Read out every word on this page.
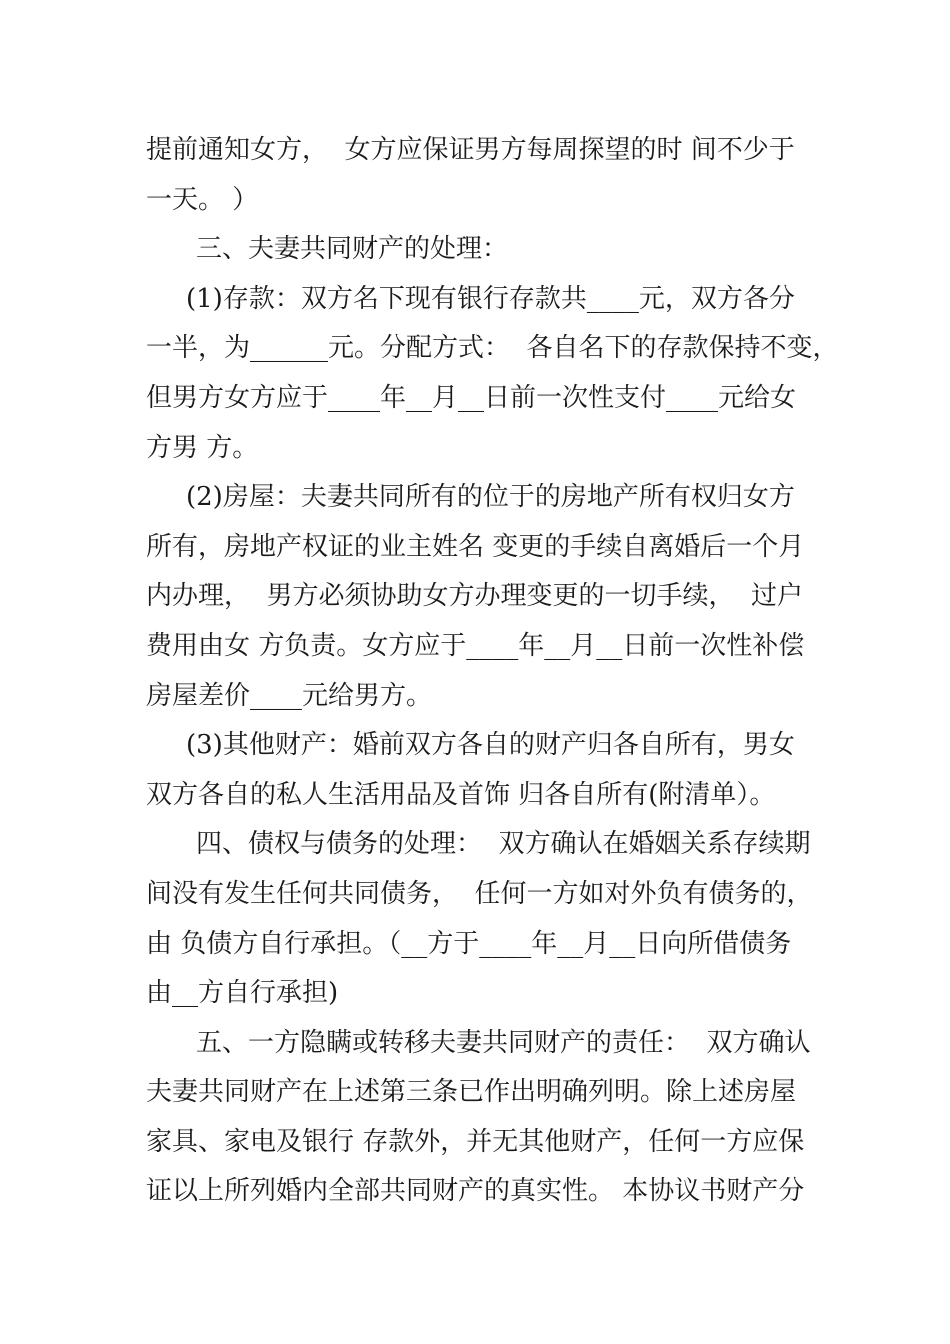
提前通知女方，  女方应保证男方每周探望的时 间不少于
一天。 ）
三、夫妻共同财产的处理：
(1)存款：双方名下现有银行存款共____元，双方各分
一半，为______元。分配方式：  各自名下的存款保持不变，
但男方女方应于____年__月__日前一次性支付____元给女
方男 方。
(2)房屋：夫妻共同所有的位于的房地产所有权归女方
所有，房地产权证的业主姓名 变更的手续自离婚后一个月
内办理，  男方必须协助女方办理变更的一切手续，  过户
费用由女 方负责。女方应于____年__月__日前一次性补偿
房屋差价____元给男方。
(3)其他财产：婚前双方各自的财产归各自所有，男女
双方各自的私人生活用品及首饰 归各自所有(附清单）。
四、债权与债务的处理：  双方确认在婚姻关系存续期
间没有发生任何共同债务，  任何一方如对外负有债务的，
由 负债方自行承担。（__方于____年__月__日向所借债务
由__方自行承担)
五、一方隐瞒或转移夫妻共同财产的责任：  双方确认
夫妻共同财产在上述第三条已作出明确列明。除上述房屋
家具、家电及银行 存款外，并无其他财产，任何一方应保
证以上所列婚内全部共同财产的真实性。 本协议书财产分
